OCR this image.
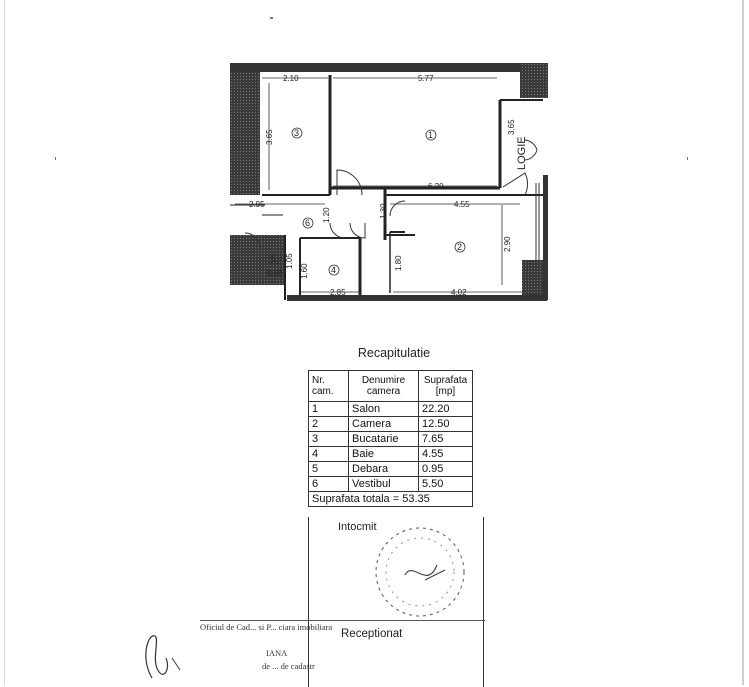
2.10	5.77
3.65
3.65
6.20
2.95
1.20	1.30	4.55
2.90
1.05
1.60
1.80
0.90
2.85	4.02
3	1
6
2
4
5
LOGIE
Recapitulatie
Nr. cam.	Denumire camera	Suprafata [mp]
1	Salon	22.20
2	Camera	12.50
3	Bucatarie	7.65
4	Baie	4.55
5	Debara	0.95
6	Vestibul	5.50
Suprafata totala = 53.35		
Intocmit
Oficiul de Cad... si P... ciara imobiliara
IANA
de ... de cadastr
Receptionat
